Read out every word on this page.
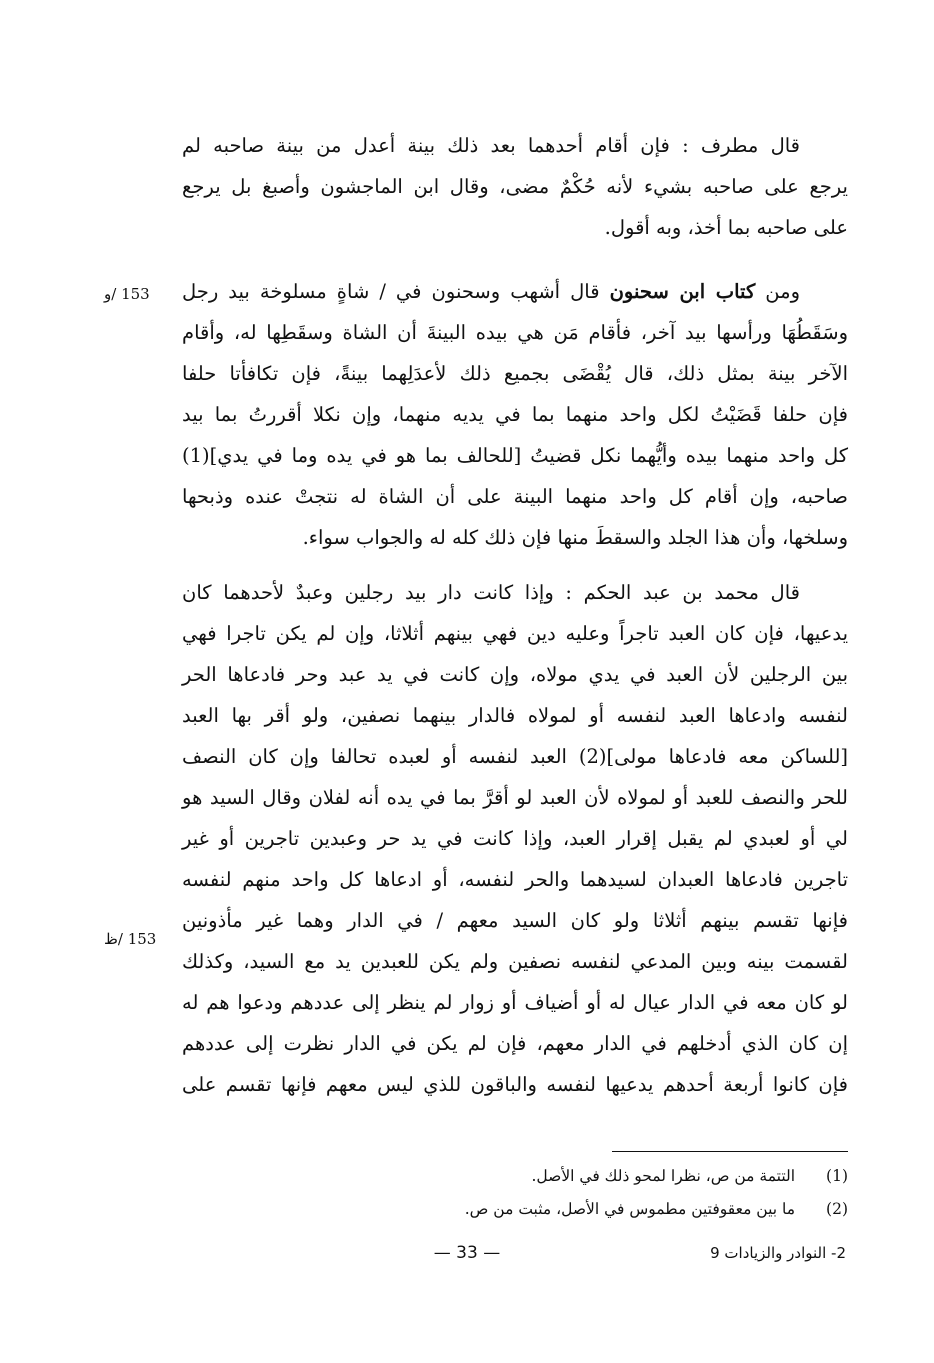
قال مطرف : فإن أقام أحدهما بعد ذلك بينة أعدل من بينة صاحبه لم
يرجع على صاحبه بشيء لأنه حُكْمٌ مضى، وقال ابن الماجشون وأصبغ بل يرجع
على صاحبه بما أخذ، وبه أقول.
ومن كتاب ابن سحنون قال أشهب وسحنون في / شاةٍ مسلوخة بيد رجل
وسَقَطُهَا ورأسها بيد آخر، فأقام مَن هي بيده البينةَ أن الشاة وسقَطِها له، وأقام
الآخر بينة بمثل ذلك، قال يُقْضَى بجميع ذلك لأعدَلِهما بينةً، فإن تكافأتا حلفا
فإن حلفا قَضَيْتُ لكل واحد منهما بما في يديه منهما، وإن نكلا أقررتُ بما بيد
كل واحد منهما بيده وأيُّهما نكل قضيتُ [للحالف بما هو في يده وما في يدي](1)
صاحبه، وإن أقام كل واحد منهما البينة على أن الشاة له نتجتْ عنده وذبحها
وسلخها، وأن هذا الجلد والسقطَ منها فإن ذلك كله له والجواب سواء.
قال محمد بن عبد الحكم : وإذا كانت دار بيد رجلين وعبدٌ لأحدهما كان
يدعيها، فإن كان العبد تاجراً وعليه دين فهي بينهم أثلاثا، وإن لم يكن تاجرا فهي
بين الرجلين لأن العبد في يدي مولاه، وإن كانت في يد عبد وحر فادعاها الحر
لنفسه وادعاها العبد لنفسه أو لمولاه فالدار بينهما نصفين، ولو أقر بها العبد
[للساكن معه فادعاها مولى](2) العبد لنفسه أو لعبده تحالفا وإن كان النصف
للحر والنصف للعبد أو لمولاه لأن العبد لو أقرَّ بما في يده أنه لفلان وقال السيد هو
لي أو لعبدي لم يقبل إقرار العبد، وإذا كانت في يد حر وعبدين تاجرين أو غير
تاجرين فادعاها العبدان لسيدهما والحر لنفسه، أو ادعاها كل واحد منهم لنفسه
فإنها تقسم بينهم أثلاثا ولو كان السيد معهم / في الدار وهما غير مأذونين
لقسمت بينه وبين المدعي لنفسه نصفين ولم يكن للعبدين يد مع السيد، وكذلك
لو كان معه في الدار عيال له أو أضياف أو زوار لم ينظر إلى عددهم ودعوا هم له
إن كان الذي أدخلهم في الدار معهم، فإن لم يكن في الدار نظرت إلى عددهم
فإن كانوا أربعة أحدهم يدعيها لنفسه والباقون للذي ليس معهم فإنها تقسم على
153 /و
153 /ظ
(1) التتمة من ص، نظرا لمحو ذلك في الأصل.
(2) ما بين معقوفتين مطموس في الأصل، مثبت من ص.
— 33 —	2- النوادر والزيادات 9
